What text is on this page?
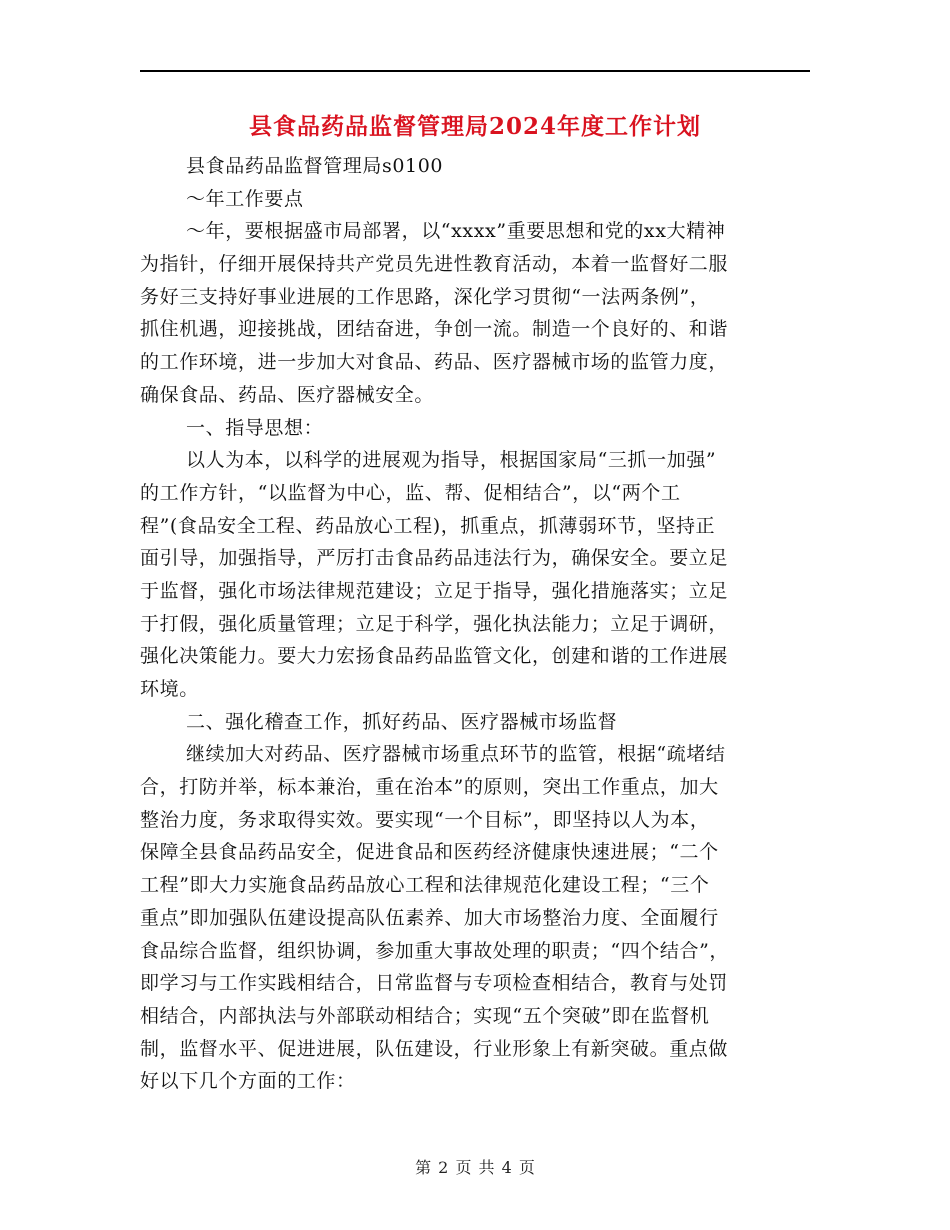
县食品药品监督管理局2024年度工作计划
县食品药品监督管理局s0100
～年工作要点
～年，要根据盛市局部署，以“xxxx”重要思想和党的xx大精神
为指针，仔细开展保持共产党员先进性教育活动，本着一监督好二服
务好三支持好事业进展的工作思路，深化学习贯彻“一法两条例”，
抓住机遇，迎接挑战，团结奋进，争创一流。制造一个良好的、和谐
的工作环境，进一步加大对食品、药品、医疗器械市场的监管力度，
确保食品、药品、医疗器械安全。
一、指导思想：
以人为本，以科学的进展观为指导，根据国家局“三抓一加强”
的工作方针，“以监督为中心，监、帮、促相结合”，以“两个工
程”(食品安全工程、药品放心工程)，抓重点，抓薄弱环节，坚持正
面引导，加强指导，严厉打击食品药品违法行为，确保安全。要立足
于监督，强化市场法律规范建设；立足于指导，强化措施落实；立足
于打假，强化质量管理；立足于科学，强化执法能力；立足于调研，
强化决策能力。要大力宏扬食品药品监管文化，创建和谐的工作进展
环境。
二、强化稽查工作，抓好药品、医疗器械市场监督
继续加大对药品、医疗器械市场重点环节的监管，根据“疏堵结
合，打防并举，标本兼治，重在治本”的原则，突出工作重点，加大
整治力度，务求取得实效。要实现“一个目标”，即坚持以人为本，
保障全县食品药品安全，促进食品和医药经济健康快速进展；“二个
工程”即大力实施食品药品放心工程和法律规范化建设工程；“三个
重点”即加强队伍建设提高队伍素养、加大市场整治力度、全面履行
食品综合监督，组织协调，参加重大事故处理的职责；“四个结合”，
即学习与工作实践相结合，日常监督与专项检查相结合，教育与处罚
相结合，内部执法与外部联动相结合；实现“五个突破”即在监督机
制，监督水平、促进进展，队伍建设，行业形象上有新突破。重点做
好以下几个方面的工作：
第 2 页 共 4 页
